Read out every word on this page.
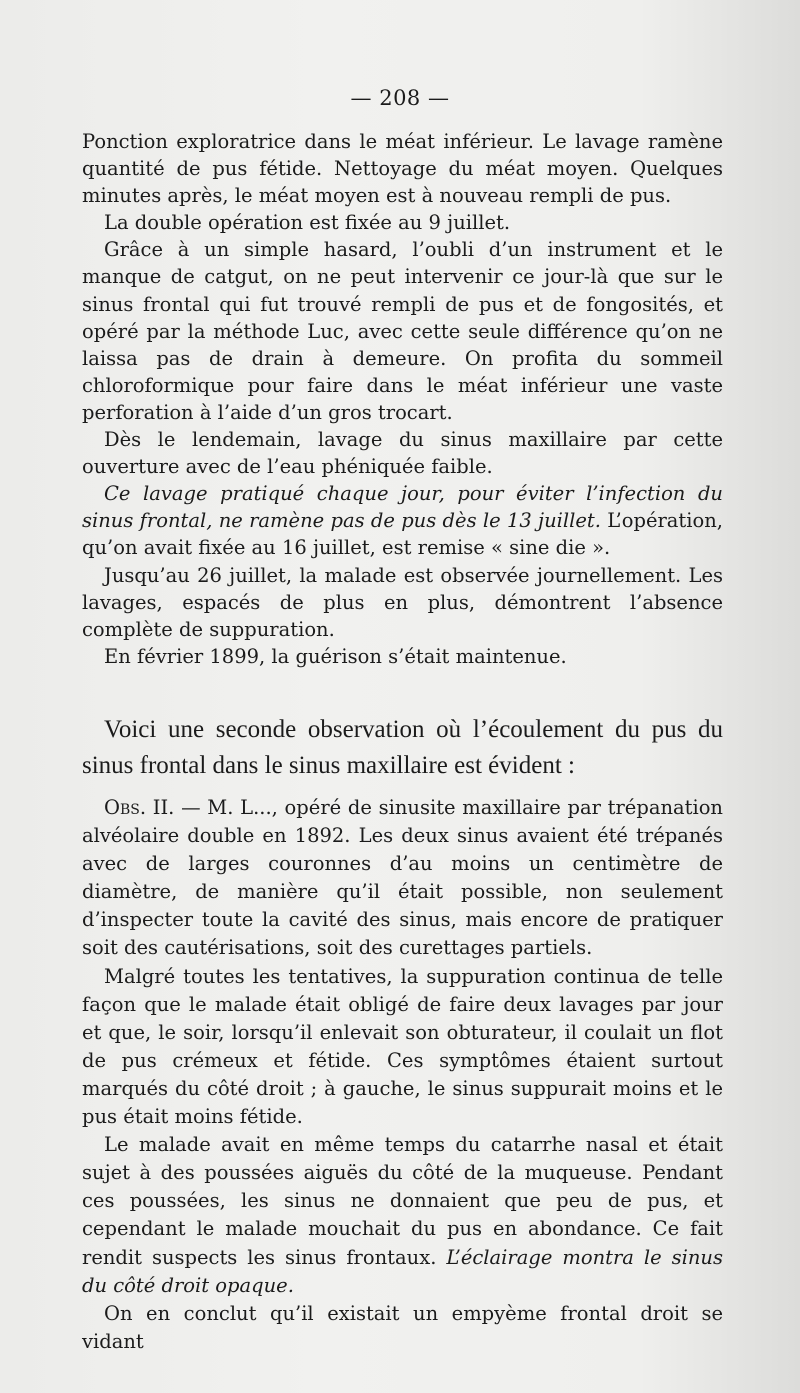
— 208 —

Ponction exploratrice dans le méat inférieur. Le lavage ramène quantité de pus fétide. Nettoyage du méat moyen. Quelques minutes après, le méat moyen est à nouveau rempli de pus.

La double opération est fixée au 9 juillet.

Grâce à un simple hasard, l’oubli d’un instrument et le manque de catgut, on ne peut intervenir ce jour-là que sur le sinus frontal qui fut trouvé rempli de pus et de fongosités, et opéré par la méthode Luc, avec cette seule différence qu’on ne laissa pas de drain à demeure. On profita du sommeil chloroformique pour faire dans le méat inférieur une vaste perforation à l’aide d’un gros trocart.

Dès le lendemain, lavage du sinus maxillaire par cette ouverture avec de l’eau phéniquée faible.

Ce lavage pratiqué chaque jour, pour éviter l’infection du sinus frontal, ne ramène pas de pus dès le 13 juillet. L’opération, qu’on avait fixée au 16 juillet, est remise « sine die ».

Jusqu’au 26 juillet, la malade est observée journellement. Les lavages, espacés de plus en plus, démontrent l’absence complète de suppuration.

En février 1899, la guérison s’était maintenue.

Voici une seconde observation où l’écoulement du pus du sinus frontal dans le sinus maxillaire est évident :

Obs. II. — M. L..., opéré de sinusite maxillaire par trépanation alvéolaire double en 1892. Les deux sinus avaient été trépanés avec de larges couronnes d’au moins un centimètre de diamètre, de manière qu’il était possible, non seulement d’inspecter toute la cavité des sinus, mais encore de pratiquer soit des cautérisations, soit des curettages partiels.

Malgré toutes les tentatives, la suppuration continua de telle façon que le malade était obligé de faire deux lavages par jour et que, le soir, lorsqu’il enlevait son obturateur, il coulait un flot de pus crémeux et fétide. Ces symptômes étaient surtout marqués du côté droit ; à gauche, le sinus suppurait moins et le pus était moins fétide.

Le malade avait en même temps du catarrhe nasal et était sujet à des poussées aiguës du côté de la muqueuse. Pendant ces poussées, les sinus ne donnaient que peu de pus, et cependant le malade mouchait du pus en abondance. Ce fait rendit suspects les sinus frontaux. L’éclairage montra le sinus du côté droit opaque.

On en conclut qu’il existait un empyème frontal droit se vidant
